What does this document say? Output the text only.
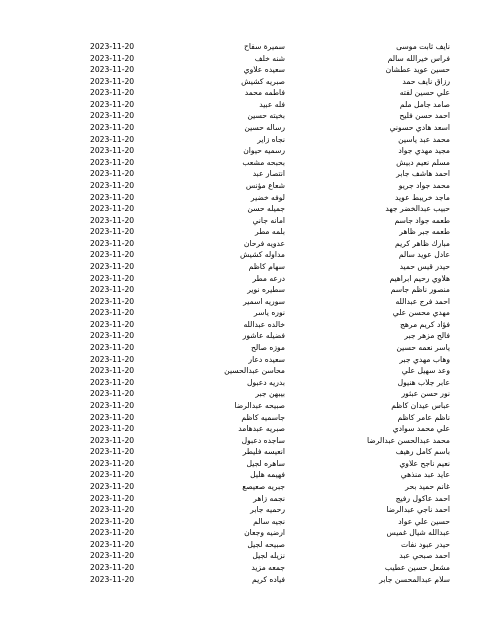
نايف ثابت موسى
سميرة سفاح
2023-11-20
فراس خيرالله سالم
شنه خلف
2023-11-20
حسين عويد عطشان
سعيده علاوي
2023-11-20
رزاق نايف حمد
صبريه كشيش
2023-11-20
علي حسين لفته
فاطمه محمد
2023-11-20
صامد جامل ملم
فله عبيد
2023-11-20
احمد حسن فليح
بخيته حسين
2023-11-20
اسعد هادي حسوني
رساله حسين
2023-11-20
محمد عبد ياسين
نجاه زاير
2023-11-20
مجيد مهدي جواد
رسميه حيوان
2023-11-20
مسلم نعيم دبيش
بحبحه مشعب
2023-11-20
احمد هاشف جابر
انتصار عبد
2023-11-20
محمد جواد جريو
شعاع مؤنس
2023-11-20
ماجد خريبط عويد
لوفه خضير
2023-11-20
حبيب عبدالخضر جهد
جميله حسن
2023-11-20
طعمه جواد جاسم
امانه جاني
2023-11-20
طعمه جبر ظاهر
بلمه مطر
2023-11-20
مبارك ظاهر كريم
عدويه فرحان
2023-11-20
عادل عويد سالم
مداوله كشيش
2023-11-20
حيدر قيس حميد
سهام كاظم
2023-11-20
هلاوي رحيم ابراهيم
درعه مطر
2023-11-20
منصور ناظم جاسم
سطيره نوير
2023-11-20
احمد فرج عبدالله
سوريه اسمير
2023-11-20
مهدي محسن علي
نوره ياسر
2023-11-20
فؤاد كريم مرهج
خالده عبدالله
2023-11-20
فالح مزهر جبر
فضيله عاشور
2023-11-20
ياسر نعمه حسين
موزه صالح
2023-11-20
وهاب مهدي جبر
سعيده دعار
2023-11-20
وعد سهيل علي
محاسن عبدالحسين
2023-11-20
عابر جلاب هنيول
بدريه دعبول
2023-11-20
نور حسن عبثور
بيبهن جبر
2023-11-20
عباس عيدان كاظم
صبيحه عبدالرضا
2023-11-20
ناظم عامر كاظم
جاسميه كاظم
2023-11-20
علي محمد سوادي
صبريه عبدهامد
2023-11-20
محمد عبدالحسن عبدالرضا
ساجده دعبول
2023-11-20
باسم كامل رهيف
انعيسه فليطر
2023-11-20
نعيم ناجح علاوي
ساهره لجيل
2023-11-20
عايد عبد منذهي
فهيمه هليل
2023-11-20
غانم حميد بحر
جبريه صعيصع
2023-11-20
احمد عاكول رفيج
نجمه زاهر
2023-11-20
احمد ناجي عبدالرضا
رحميه جابر
2023-11-20
حسين علي عواد
نجيه سالم
2023-11-20
عبدالله شيال غميس
ارضيه وجعان
2023-11-20
حيدر عبود نفات
صبيحه لجيل
2023-11-20
احمد صبحي عبد
نزيله لجيل
2023-11-20
مشعل حسين عطيب
جمعه مزيد
2023-11-20
سلام عبدالمحسن جابر
فياده كريم
2023-11-20
